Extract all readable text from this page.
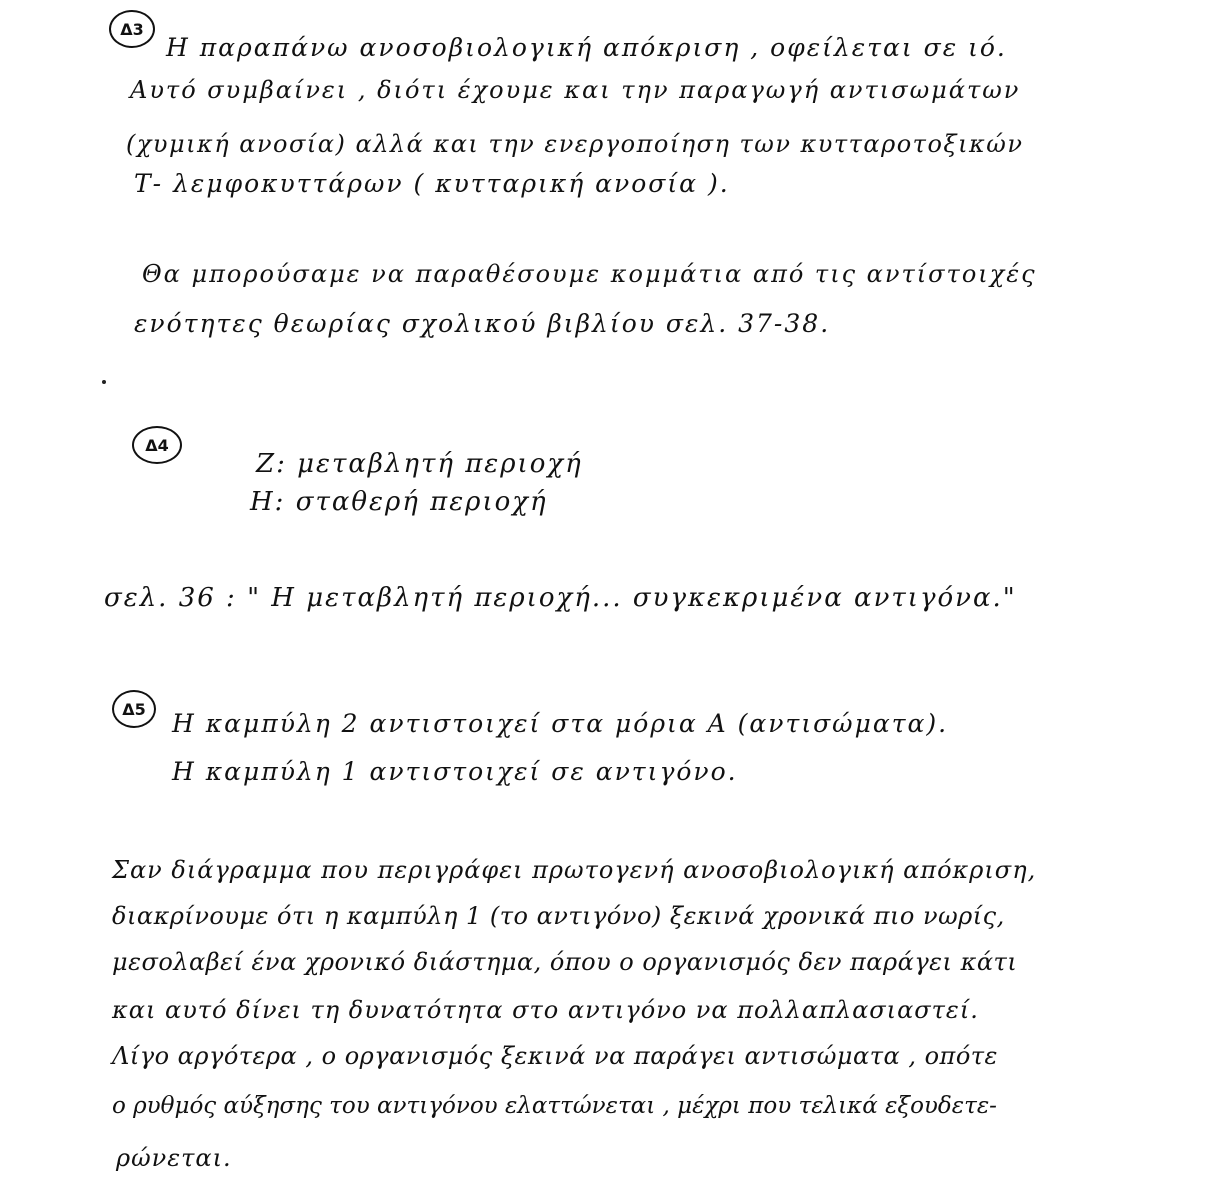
Δ3
Η παραπάνω ανοσοβιολογική απόκριση , οφείλεται σε ιό.
Αυτό συμβαίνει , διότι έχουμε και την παραγωγή αντισωμάτων
(χυμική ανοσία) αλλά και την ενεργοποίηση των κυτταροτοξικών
Τ- λεμφοκυττάρων ( κυτταρική ανοσία ).
Θα μπορούσαμε να παραθέσουμε κομμάτια από τις αντίστοιχές
ενότητες θεωρίας σχολικού βιβλίου σελ. 37-38.
Δ4
Ζ: μεταβλητή περιοχή
Η: σταθερή περιοχή
σελ. 36 : " Η μεταβλητή περιοχή... συγκεκριμένα αντιγόνα."
Δ5	Η καμπύλη 2 αντιστοιχεί στα μόρια Α (αντισώματα).
Η καμπύλη 1 αντιστοιχεί σε αντιγόνο.
Σαν διάγραμμα που περιγράφει πρωτογενή ανοσοβιολογική απόκριση,
διακρίνουμε ότι η καμπύλη 1 (το αντιγόνο) ξεκινά χρονικά πιο νωρίς,
μεσολαβεί ένα χρονικό διάστημα, όπου ο οργανισμός δεν παράγει κάτι
και αυτό δίνει τη δυνατότητα στο αντιγόνο να πολλαπλασιαστεί.
Λίγο αργότερα , ο οργανισμός ξεκινά να παράγει αντισώματα , οπότε
ο ρυθμός αύξησης του αντιγόνου ελαττώνεται , μέχρι που τελικά εξουδετε-
ρώνεται.
